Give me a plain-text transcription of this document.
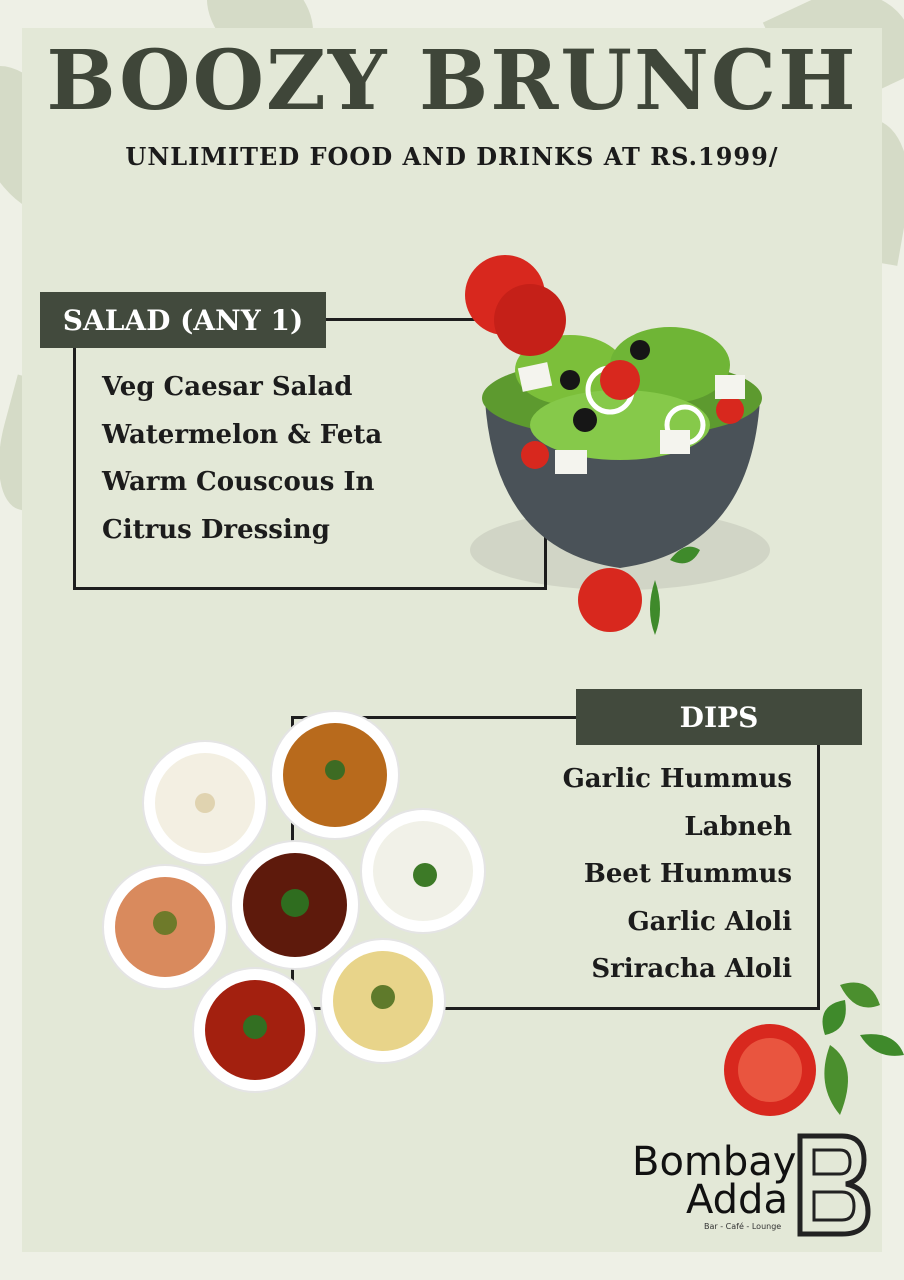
BOOZY BRUNCH
UNLIMITED FOOD AND DRINKS AT RS.1999/
SALAD (ANY 1)
Veg Caesar Salad
Watermelon & Feta
Warm Couscous In
Citrus Dressing
DIPS
Garlic Hummus
Labneh
Beet Hummus
Garlic Aloli
Sriracha Aloli
Bombay
Adda
Bar - Café - Lounge
